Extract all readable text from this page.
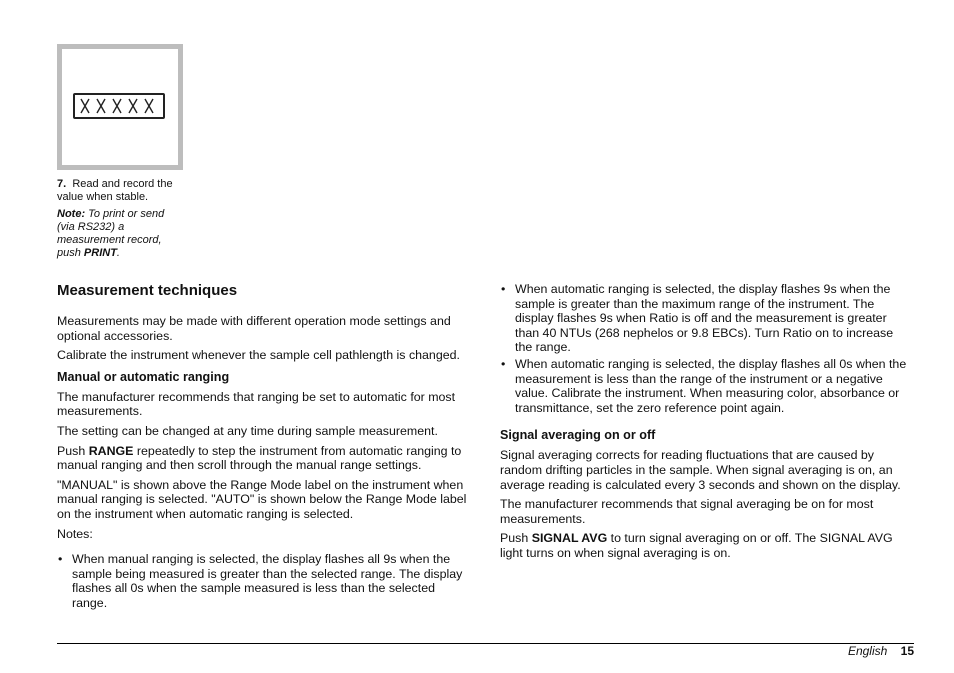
7. Read and record the value when stable.
Note: To print or send (via RS232) a measurement record, push PRINT.
Measurement techniques

Measurements may be made with different operation mode settings and optional accessories.

Calibrate the instrument whenever the sample cell pathlength is changed.

Manual or automatic ranging

The manufacturer recommends that ranging be set to automatic for most measurements.

The setting can be changed at any time during sample measurement.

Push RANGE repeatedly to step the instrument from automatic ranging to manual ranging and then scroll through the manual range settings.

"MANUAL" is shown above the Range Mode label on the instrument when manual ranging is selected. "AUTO" is shown below the Range Mode label on the instrument when automatic ranging is selected.

Notes:

• When manual ranging is selected, the display flashes all 9s when the sample being measured is greater than the selected range. The display flashes all 0s when the sample measured is less than the selected range.
• When automatic ranging is selected, the display flashes 9s when the sample is greater than the maximum range of the instrument. The display flashes 9s when Ratio is off and the measurement is greater than 40 NTUs (268 nephelos or 9.8 EBCs). Turn Ratio on to increase the range.
• When automatic ranging is selected, the display flashes all 0s when the measurement is less than the range of the instrument or a negative value. Calibrate the instrument. When measuring color, absorbance or transmittance, set the zero reference point again.
Signal averaging on or off

Signal averaging corrects for reading fluctuations that are caused by random drifting particles in the sample. When signal averaging is on, an average reading is calculated every 3 seconds and shown on the display.

The manufacturer recommends that signal averaging be on for most measurements.

Push SIGNAL AVG to turn signal averaging on or off. The SIGNAL AVG light turns on when signal averaging is on.

English 15
